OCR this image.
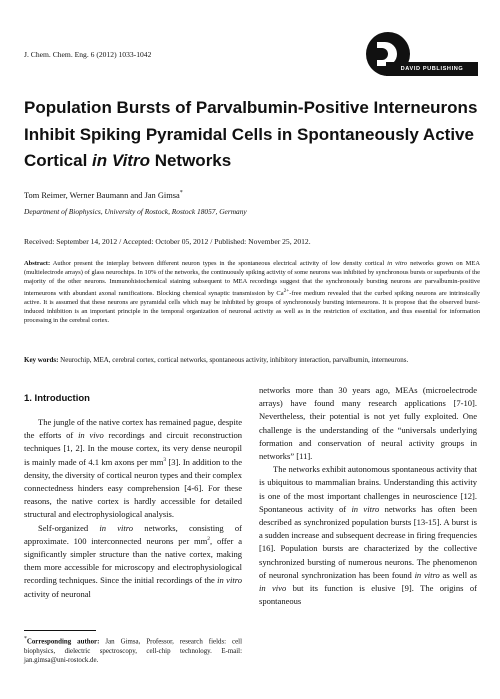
J. Chem. Chem. Eng. 6 (2012) 1033-1042
DAVID PUBLISHING
Population Bursts of Parvalbumin-Positive Interneurons
Inhibit Spiking Pyramidal Cells in Spontaneously Active
Cortical in Vitro Networks
Tom Reimer, Werner Baumann and Jan Gimsa*
Department of Biophysics, University of Rostock, Rostock 18057, Germany
Received: September 14, 2012 / Accepted: October 05, 2012 / Published: November 25, 2012.
Abstract: Author present the interplay between different neuron types in the spontaneous electrical activity of low density cortical in vitro networks grown on MEA (multielectrode arrays) of glass neurochips. In 10% of the networks, the continuously spiking activity of some neurons was inhibited by synchronous bursts or superbursts of the majority of the other neurons. Immunohistochemical staining subsequent to MEA recordings suggest that the synchronously bursting neurons are parvalbumin-positive interneurons with abundant axonal ramifications. Blocking chemical synaptic transmission by $Ca^{2+}$-free medium revealed that the curbed spiking neurons are intrinsically active. It is assumed that these neurons are pyramidal cells which may be inhibited by groups of synchronously bursting interneurons. It is propose that the observed burst-induced inhibition is an important principle in the temporal organization of neuronal activity as well as in the restriction of excitation, and thus essential for information processing in the cerebral cortex.
Key words: Neurochip, MEA, cerebral cortex, cortical networks, spontaneous activity, inhibitory interaction, parvalbumin, interneurons.
1. Introduction

The jungle of the native cortex has remained pague, despite the efforts of in vivo recordings and circuit reconstruction techniques [1, 2]. In the mouse cortex, its very dense neuropil is mainly made of 4.1 km axons per $mm^3$ [3]. In addition to the density, the diversity of cortical neuron types and their complex connectedness hinders easy comprehension [4-6]. For these reasons, the native cortex is hardly accessible for detailed structural and electrophysiological analysis.

Self-organized in vitro networks, consisting of approximate. 100 interconnected neurons per $mm^2$, offer a significantly simpler structure than the native cortex, making them more accessible for microscopy and electrophysiological recording techniques. Since the initial recordings of the in vitro activity of neuronal

networks more than 30 years ago, MEAs (microelectrode arrays) have found many research applications [7-10]. Nevertheless, their potential is not yet fully exploited. One challenge is the understanding of the “universals underlying formation and conservation of neural activity groups in networks” [11].

The networks exhibit autonomous spontaneous activity that is ubiquitous to mammalian brains. Understanding this activity is one of the most important challenges in neuroscience [12]. Spontaneous activity of in vitro networks has often been described as synchronized population bursts [13-15]. A burst is a sudden increase and subsequent decrease in firing frequencies [16]. Population bursts are characterized by the collective synchronized bursting of numerous neurons. The phenomenon of neuronal synchronization has been found in vitro as well as in vivo but its function is elusive [9]. The origins of spontaneous

*Corresponding author: Jan Gimsa, Professor, research fields: cell biophysics, dielectric spectroscopy, cell-chip technology. E-mail: jan.gimsa@uni-rostock.de.
